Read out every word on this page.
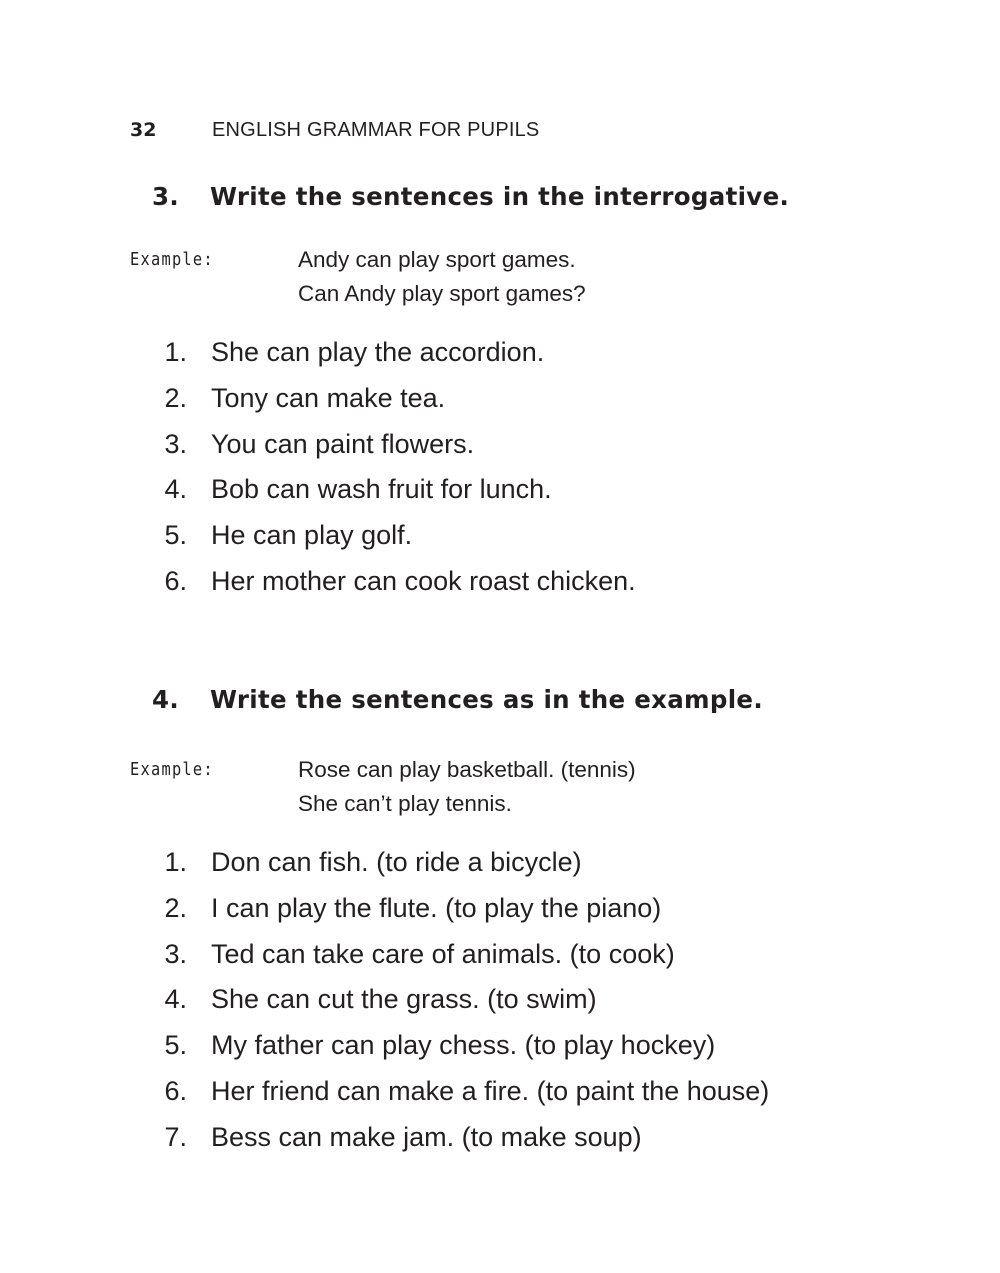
32	ENGLISH GRAMMAR FOR PUPILS
3.	Write the sentences in the interrogative.
Example:	Andy can play sport games.
Can Andy play sport games?
1. She can play the accordion.
2. Tony can make tea.
3. You can paint flowers.
4. Bob can wash fruit for lunch.
5. He can play golf.
6. Her mother can cook roast chicken.
4.	Write the sentences as in the example.
Example:	Rose can play basketball. (tennis)
She can’t play tennis.
1. Don can fish. (to ride a bicycle)
2. I can play the flute. (to play the piano)
3. Ted can take care of animals. (to cook)
4. She can cut the grass. (to swim)
5. My father can play chess. (to play hockey)
6. Her friend can make a fire. (to paint the house)
7. Bess can make jam. (to make soup)
